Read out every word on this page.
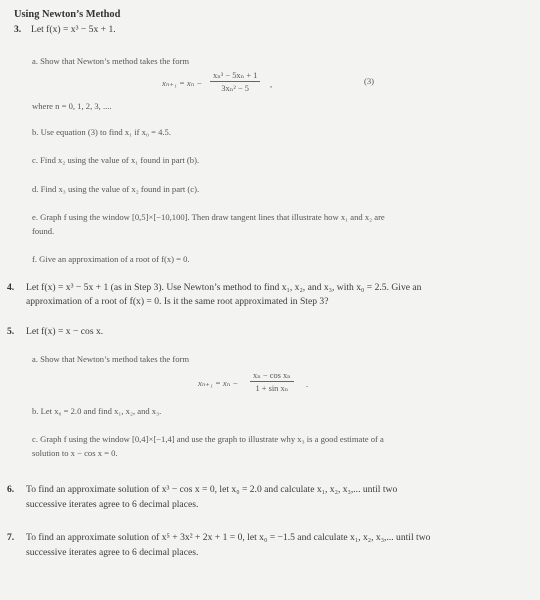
Using Newton’s Method
3. Let f(x) = x³ − 5x + 1.
a. Show that Newton’s method takes the form
$x_{n+1} = x_n - \frac{\text{xₙ³ − 5xₙ + 1}}{\text{3xₙ² − 5}}$ ,	(3)
where n = 0, 1, 2, 3, ....
b. Use equation (3) to find x₁ if x₀ = 4.5.
c. Find x₂ using the value of x₁ found in part (b).
d. Find x₃ using the value of x₂ found in part (c).
e. Graph f using the window [0,5]×[−10,100]. Then draw tangent lines that illustrate how x₁ and x₂ are
found.
f. Give an approximation of a root of f(x) = 0.
4. Let f(x) = x³ − 5x + 1 (as in Step 3). Use Newton’s method to find x₁, x₂, and x₃, with x₀ = 2.5. Give an
approximation of a root of f(x) = 0. Is it the same root approximated in Step 3?
5. Let f(x) = x − cos x.
a. Show that Newton’s method takes the form
$x_{n+1} = x_n - \frac{\text{xₙ − cos xₙ}}{\text{1 + sin xₙ}}$ .
b. Let x₀ = 2.0 and find x₁, x₂, and x₃.
c. Graph f using the window [0,4]×[−1,4] and use the graph to illustrate why x₃ is a good estimate of a
solution to x − cos x = 0.
6. To find an approximate solution of x³ − cos x = 0, let x₀ = 2.0 and calculate x₁, x₂, x₃,... until two
successive iterates agree to 6 decimal places.
7. To find an approximate solution of x⁵ + 3x² + 2x + 1 = 0, let x₀ = −1.5 and calculate x₁, x₂, x₃,... until two
successive iterates agree to 6 decimal places.
